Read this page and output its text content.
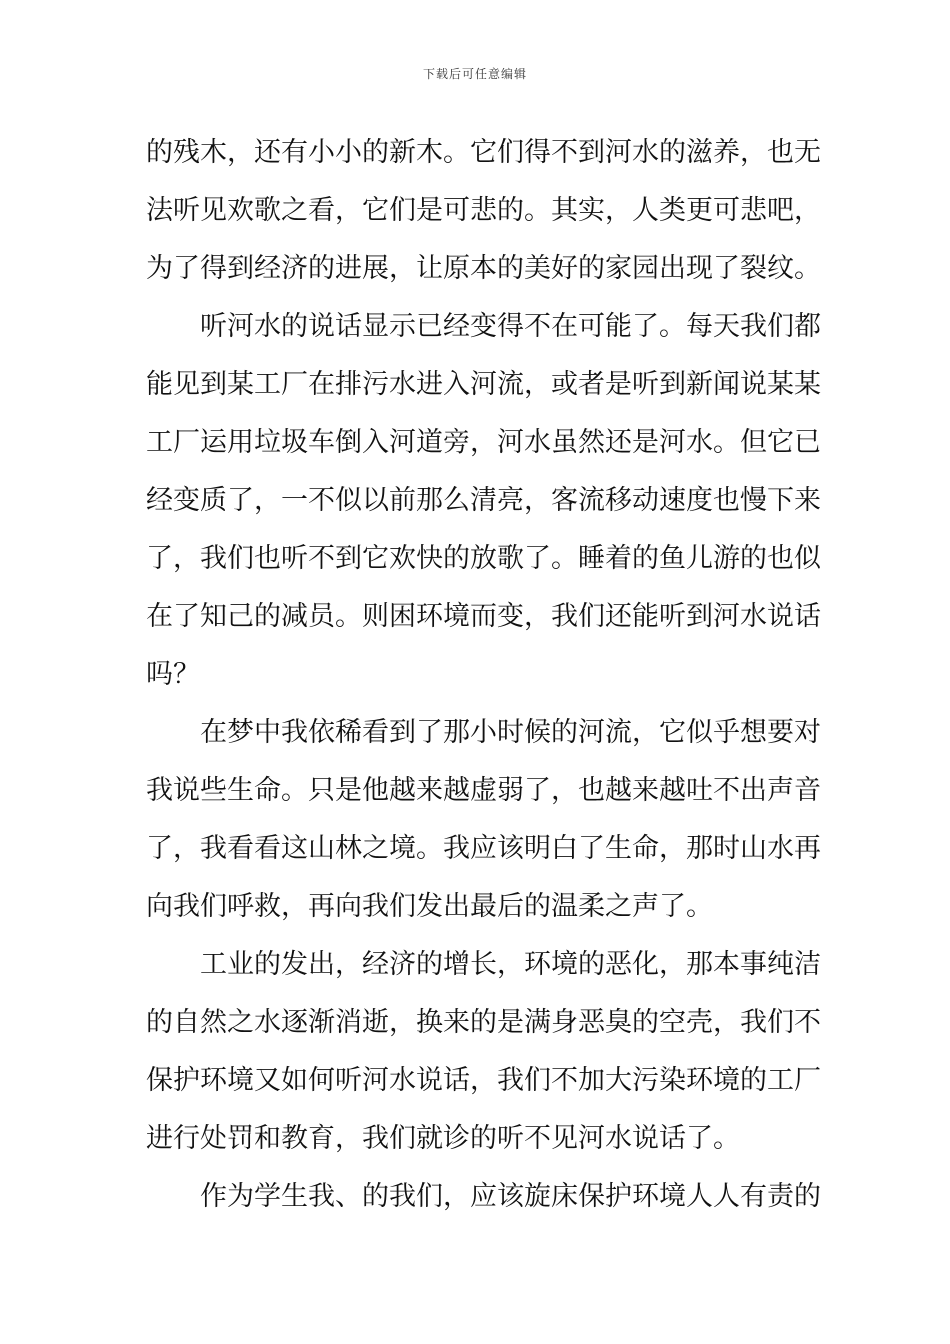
下载后可任意编辑
的残木，还有小小的新木。它们得不到河水的滋养，也无
法听见欢歌之看，它们是可悲的。其实，人类更可悲吧，
为了得到经济的进展，让原本的美好的家园出现了裂纹。
听河水的说话显示已经变得不在可能了。每天我们都
能见到某工厂在排污水进入河流，或者是听到新闻说某某
工厂运用垃圾车倒入河道旁，河水虽然还是河水。但它已
经变质了，一不似以前那么清亮，客流移动速度也慢下来
了，我们也听不到它欢快的放歌了。睡着的鱼儿游的也似
在了知己的减员。则困环境而变，我们还能听到河水说话
吗？
在梦中我依稀看到了那小时候的河流，它似乎想要对
我说些生命。只是他越来越虚弱了，也越来越吐不出声音
了，我看看这山林之境。我应该明白了生命，那时山水再
向我们呼救，再向我们发出最后的温柔之声了。
工业的发出，经济的增长，环境的恶化，那本事纯洁
的自然之水逐渐消逝，换来的是满身恶臭的空壳，我们不
保护环境又如何听河水说话，我们不加大污染环境的工厂
进行处罚和教育，我们就诊的听不见河水说话了。
作为学生我、的我们，应该旋床保护环境人人有责的
